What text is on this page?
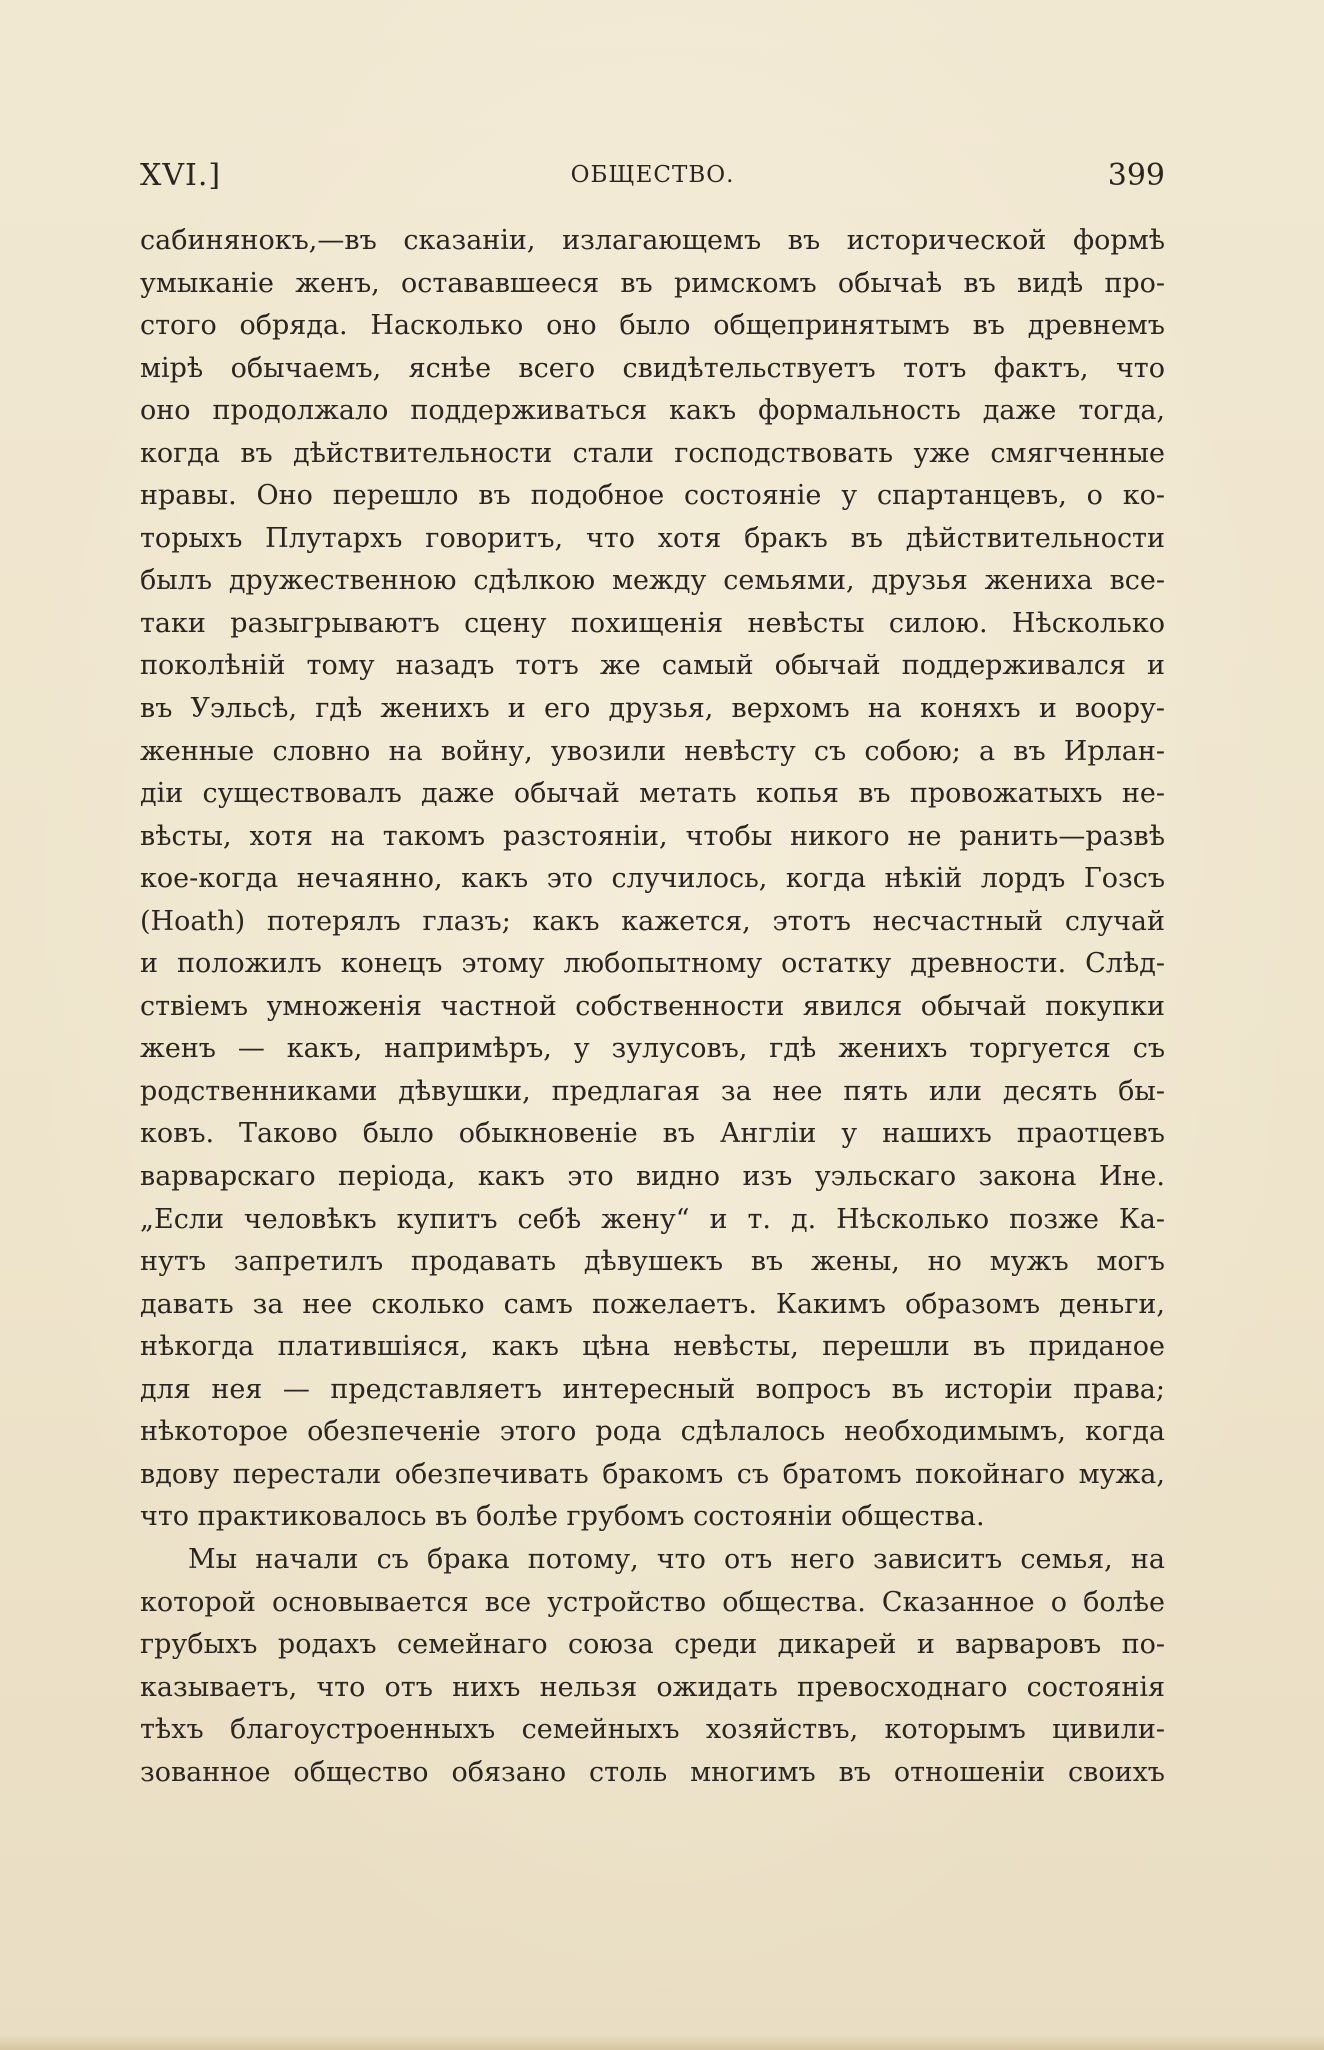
XVI.]	ОБЩЕСТВО.	399
сабинянокъ,—въ сказанiи, излагающемъ въ исторической формѣ
умыканiе женъ, остававшееся въ римскомъ обычаѣ въ видѣ про-
стого обряда. Насколько оно было общепринятымъ въ древнемъ
мiрѣ обычаемъ, яснѣе всего свидѣтельствуетъ тотъ фактъ, что
оно продолжало поддерживаться какъ формальность даже тогда,
когда въ дѣйствительности стали господствовать уже смягченные
нравы. Оно перешло въ подобное состоянiе у спартанцевъ, о ко-
торыхъ Плутархъ говоритъ, что хотя бракъ въ дѣйствительности
былъ дружественною сдѣлкою между семьями, друзья жениха все-
таки разыгрываютъ сцену похищенiя невѣсты силою. Нѣсколько
поколѣнiй тому назадъ тотъ же самый обычай поддерживался и
въ Уэльсѣ, гдѣ женихъ и его друзья, верхомъ на коняхъ и воору-
женные словно на войну, увозили невѣсту съ собою; а въ Ирлан-
дiи существовалъ даже обычай метать копья въ провожатыхъ не-
вѣсты, хотя на такомъ разстоянiи, чтобы никого не ранить—развѣ
кое-когда нечаянно, какъ это случилось, когда нѣкiй лордъ Гозсъ
(Hoath) потерялъ глазъ; какъ кажется, этотъ несчастный случай
и положилъ конецъ этому любопытному остатку древности. Слѣд-
ствiемъ умноженiя частной собственности явился обычай покупки
женъ — какъ, напримѣръ, у зулусовъ, гдѣ женихъ торгуется съ
родственниками дѣвушки, предлагая за нее пять или десять бы-
ковъ. Таково было обыкновенiе въ Англiи у нашихъ праотцевъ
варварскаго перiода, какъ это видно изъ уэльскаго закона Ине.
„Если человѣкъ купитъ себѣ жену“ и т. д. Нѣсколько позже Ка-
нутъ запретилъ продавать дѣвушекъ въ жены, но мужъ могъ
давать за нее сколько самъ пожелаетъ. Какимъ образомъ деньги,
нѣкогда платившiяся, какъ цѣна невѣсты, перешли въ приданое
для нея — представляетъ интересный вопросъ въ исторiи права;
нѣкоторое обезпеченiе этого рода сдѣлалось необходимымъ, когда
вдову перестали обезпечивать бракомъ съ братомъ покойнаго мужа,
что практиковалось въ болѣе грубомъ состоянiи общества.
Мы начали съ брака потому, что отъ него зависитъ семья, на
которой основывается все устройство общества. Сказанное о болѣе
грубыхъ родахъ семейнаго союза среди дикарей и варваровъ по-
казываетъ, что отъ нихъ нельзя ожидать превосходнаго состоянiя
тѣхъ благоустроенныхъ семейныхъ хозяйствъ, которымъ цивили-
зованное общество обязано столь многимъ въ отношенiи своихъ
